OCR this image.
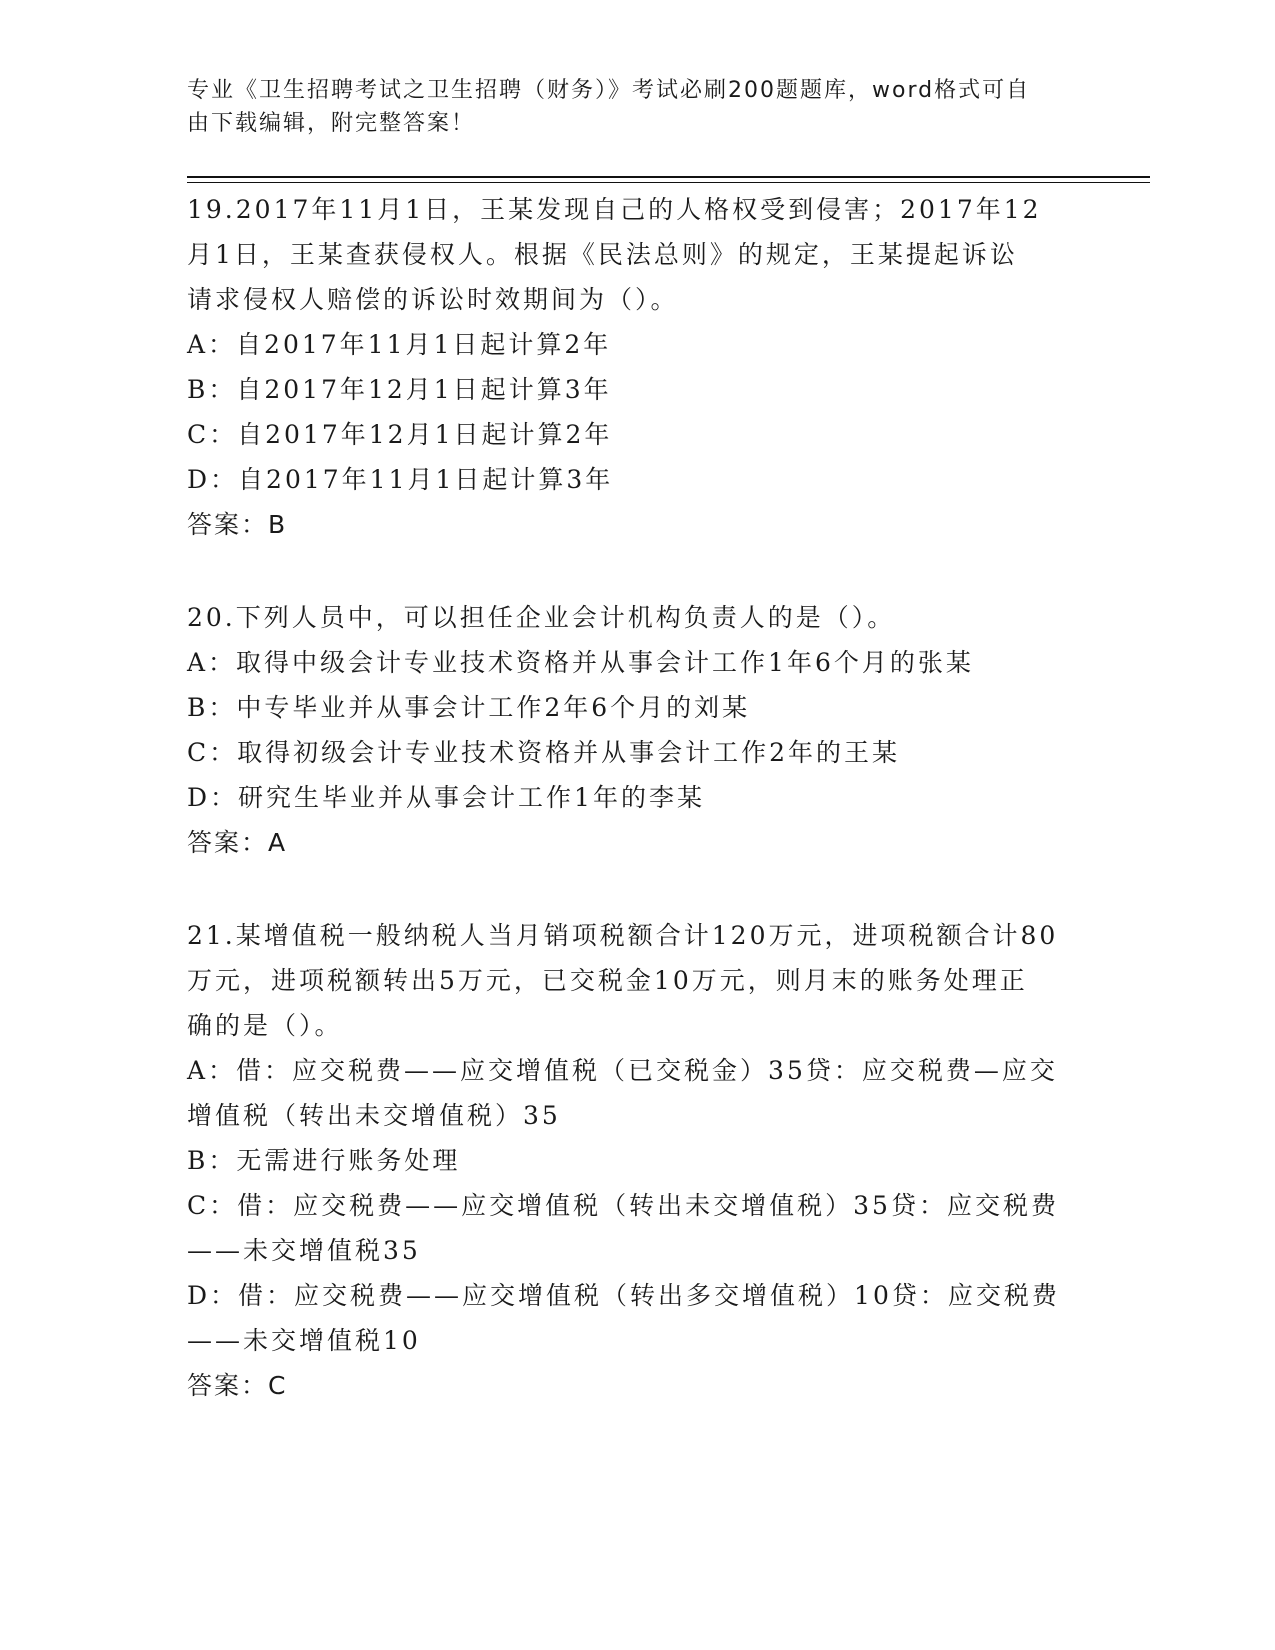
专业《卫生招聘考试之卫生招聘（财务）》考试必刷200题题库，word格式可自
由下载编辑，附完整答案！
19.2017年11月1日，王某发现自己的人格权受到侵害；2017年12
月1日，王某查获侵权人。根据《民法总则》的规定，王某提起诉讼
请求侵权人赔偿的诉讼时效期间为（）。
A：自2017年11月1日起计算2年
B：自2017年12月1日起计算3年
C：自2017年12月1日起计算2年
D：自2017年11月1日起计算3年
答案：B
20.下列人员中，可以担任企业会计机构负责人的是（）。
A：取得中级会计专业技术资格并从事会计工作1年6个月的张某
B：中专毕业并从事会计工作2年6个月的刘某
C：取得初级会计专业技术资格并从事会计工作2年的王某
D：研究生毕业并从事会计工作1年的李某
答案：A
21.某增值税一般纳税人当月销项税额合计120万元，进项税额合计80
万元，进项税额转出5万元，已交税金10万元，则月末的账务处理正
确的是（）。
A：借：应交税费——应交增值税（已交税金）35贷：应交税费—应交
增值税（转出未交增值税）35
B：无需进行账务处理
C：借：应交税费——应交增值税（转出未交增值税）35贷：应交税费
——未交增值税35
D：借：应交税费——应交增值税（转出多交增值税）10贷：应交税费
——未交增值税10
答案：C
